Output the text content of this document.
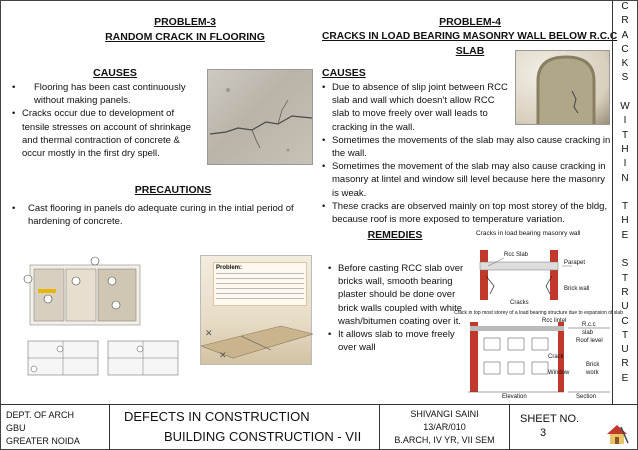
PROBLEM-3
RANDOM CRACK IN FLOORING
CAUSES
• Flooring has been cast continuously without making panels.
• Cracks occur due to development of tensile stresses on account of shrinkage and thermal contraction of concrete & occur mostly in the first dry spell.
PRECAUTIONS
• Cast flooring in panels do adequate curing in the intial period of hardening of concrete.
Problem:
✕
✕
PROBLEM-4
CRACKS IN LOAD BEARING MASONRY WALL BELOW R.C.C
SLAB
CAUSES
• Due to absence of slip joint between RCC slab and wall which doesn’t allow RCC slab to move freely over wall leads to cracking in the wall.
• Sometimes the movements of the slab may also cause cracking in the wall.
• Sometimes the movement of the slab may also cause cracking in masonry at lintel and window sill level because here the masonry is weak.
• These cracks are observed mainly on top most storey of the bldg, because roof is more exposed to temperature variation.
REMEDIES
• Before casting RCC slab over bricks wall, smooth bearing plaster should be done over brick walls coupled with white wash/bitumen coating over it.
• It allows slab to move freely over wall
Cracks in load bearing masonry wall
Rcc Slab
Parapet
Brick wall
Cracks
Crack in top most storey of a load bearing structure due to expansion of slab
Rcc lintel
R.c.c
slab
Roof level
Crack
Window
Brick
work
Elevation	Section
C
R
A
C
K
S

W
I
T
H
I
N

T
H
E

S
T
R
U
C
T
U
R
E
DEPT. OF ARCH
GBU
GREATER NOIDA
DEFECTS IN CONSTRUCTION
BUILDING CONSTRUCTION - VII
SHIVANGI SAINI
13/AR/010
B.ARCH, IV YR, VII SEM
SHEET NO.
3
